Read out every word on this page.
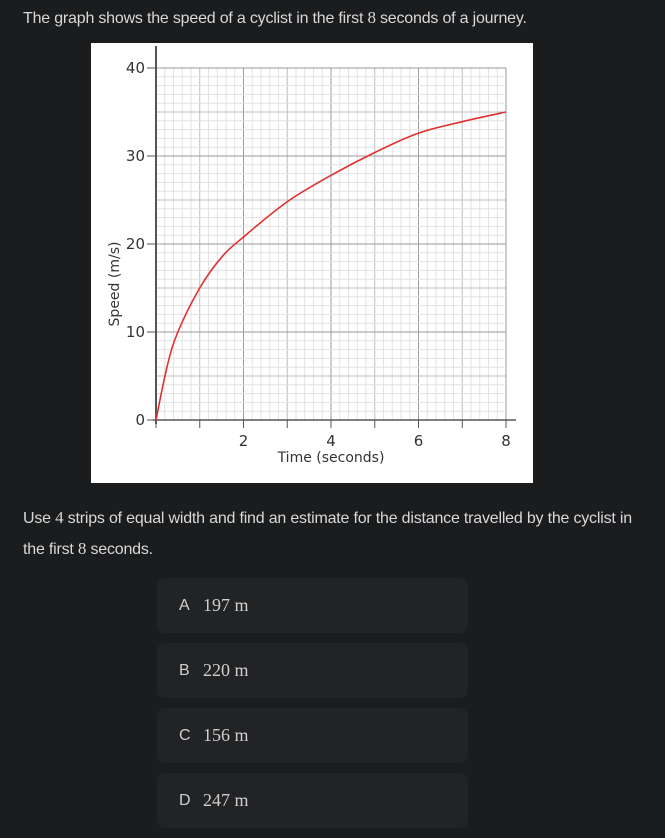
The graph shows the speed of a cyclist in the first 8 seconds of a journey.
2	4	6	8
0
10
20
30
40
Time (seconds)
Speed (m/s)
Use 4 strips of equal width and find an estimate for the distance travelled by the cyclist in the first 8 seconds.
A 197 m
B 220 m
C 156 m
D 247 m
